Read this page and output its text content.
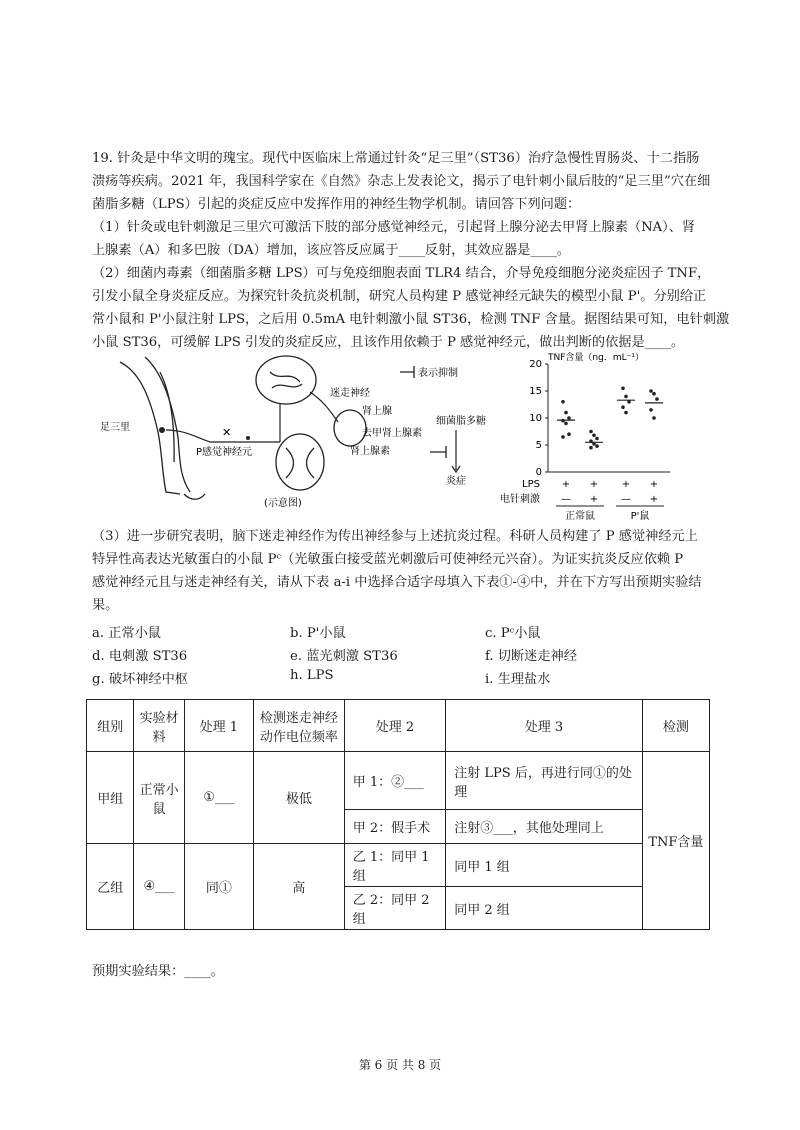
19. 针灸是中华文明的瑰宝。现代中医临床上常通过针灸“足三里”（ST36）治疗急慢性胃肠炎、十二指肠
溃疡等疾病。2021 年，我国科学家在《自然》杂志上发表论文，揭示了电针刺小鼠后肢的“足三里”穴在细
菌脂多糖（LPS）引起的炎症反应中发挥作用的神经生物学机制。请回答下列问题：
（1）针灸或电针刺激足三里穴可激活下肢的部分感觉神经元，引起肾上腺分泌去甲肾上腺素（NA）、肾
上腺素（A）和多巴胺（DA）增加，该应答反应属于____反射，其效应器是____。
（2）细菌内毒素（细菌脂多糖 LPS）可与免疫细胞表面 TLR4 结合，介导免疫细胞分泌炎症因子 TNF，
引发小鼠全身炎症反应。为探究针灸抗炎机制，研究人员构建 P 感觉神经元缺失的模型小鼠 P'。分别给正
常小鼠和 P'小鼠注射 LPS，之后用 0.5mA 电针刺激小鼠 ST36，检测 TNF 含量。据图结果可知，电针刺激
小鼠 ST36，可缓解 LPS 引发的炎症反应，且该作用依赖于 P 感觉神经元，做出判断的依据是____。
足三里	✕
P感觉神经元
(示意图)
迷走神经
肾上腺
去甲肾上腺素
肾上腺素
表示抑制
细菌脂多糖
炎症
TNF含量（ng．mL⁻¹）
0
5
10
15
20
+
—
+
+
+
—
+
+
LPS
电针刺激
正常鼠	P'鼠
（3）进一步研究表明，脑下迷走神经作为传出神经参与上述抗炎过程。科研人员构建了 P 感觉神经元上
特异性高表达光敏蛋白的小鼠 Pᶜ（光敏蛋白接受蓝光刺激后可使神经元兴奋）。为证实抗炎反应依赖 P
感觉神经元且与迷走神经有关，请从下表 a-i 中选择合适字母填入下表①-④中，并在下方写出预期实验结
果。
a. 正常小鼠	b. P'小鼠	c. Pᶜ小鼠
d. 电刺激 ST36	e. 蓝光刺激 ST36	f. 切断迷走神经
g. 破坏神经中枢	h. LPS	i. 生理盐水
组别	实验材料	处理 1	检测迷走神经动作电位频率	处理 2	处理 3	检测
甲组	正常小鼠	①___	极低	甲 1：②___	注射 LPS 后，再进行同①的处理	TNF含量
				甲 2：假手术	注射③___，其他处理同上	
乙组	④___	同①	高	乙 1：同甲 1 组	同甲 1 组	
				乙 2：同甲 2 组	同甲 2 组	
预期实验结果：____。
第 6 页 共 8 页
